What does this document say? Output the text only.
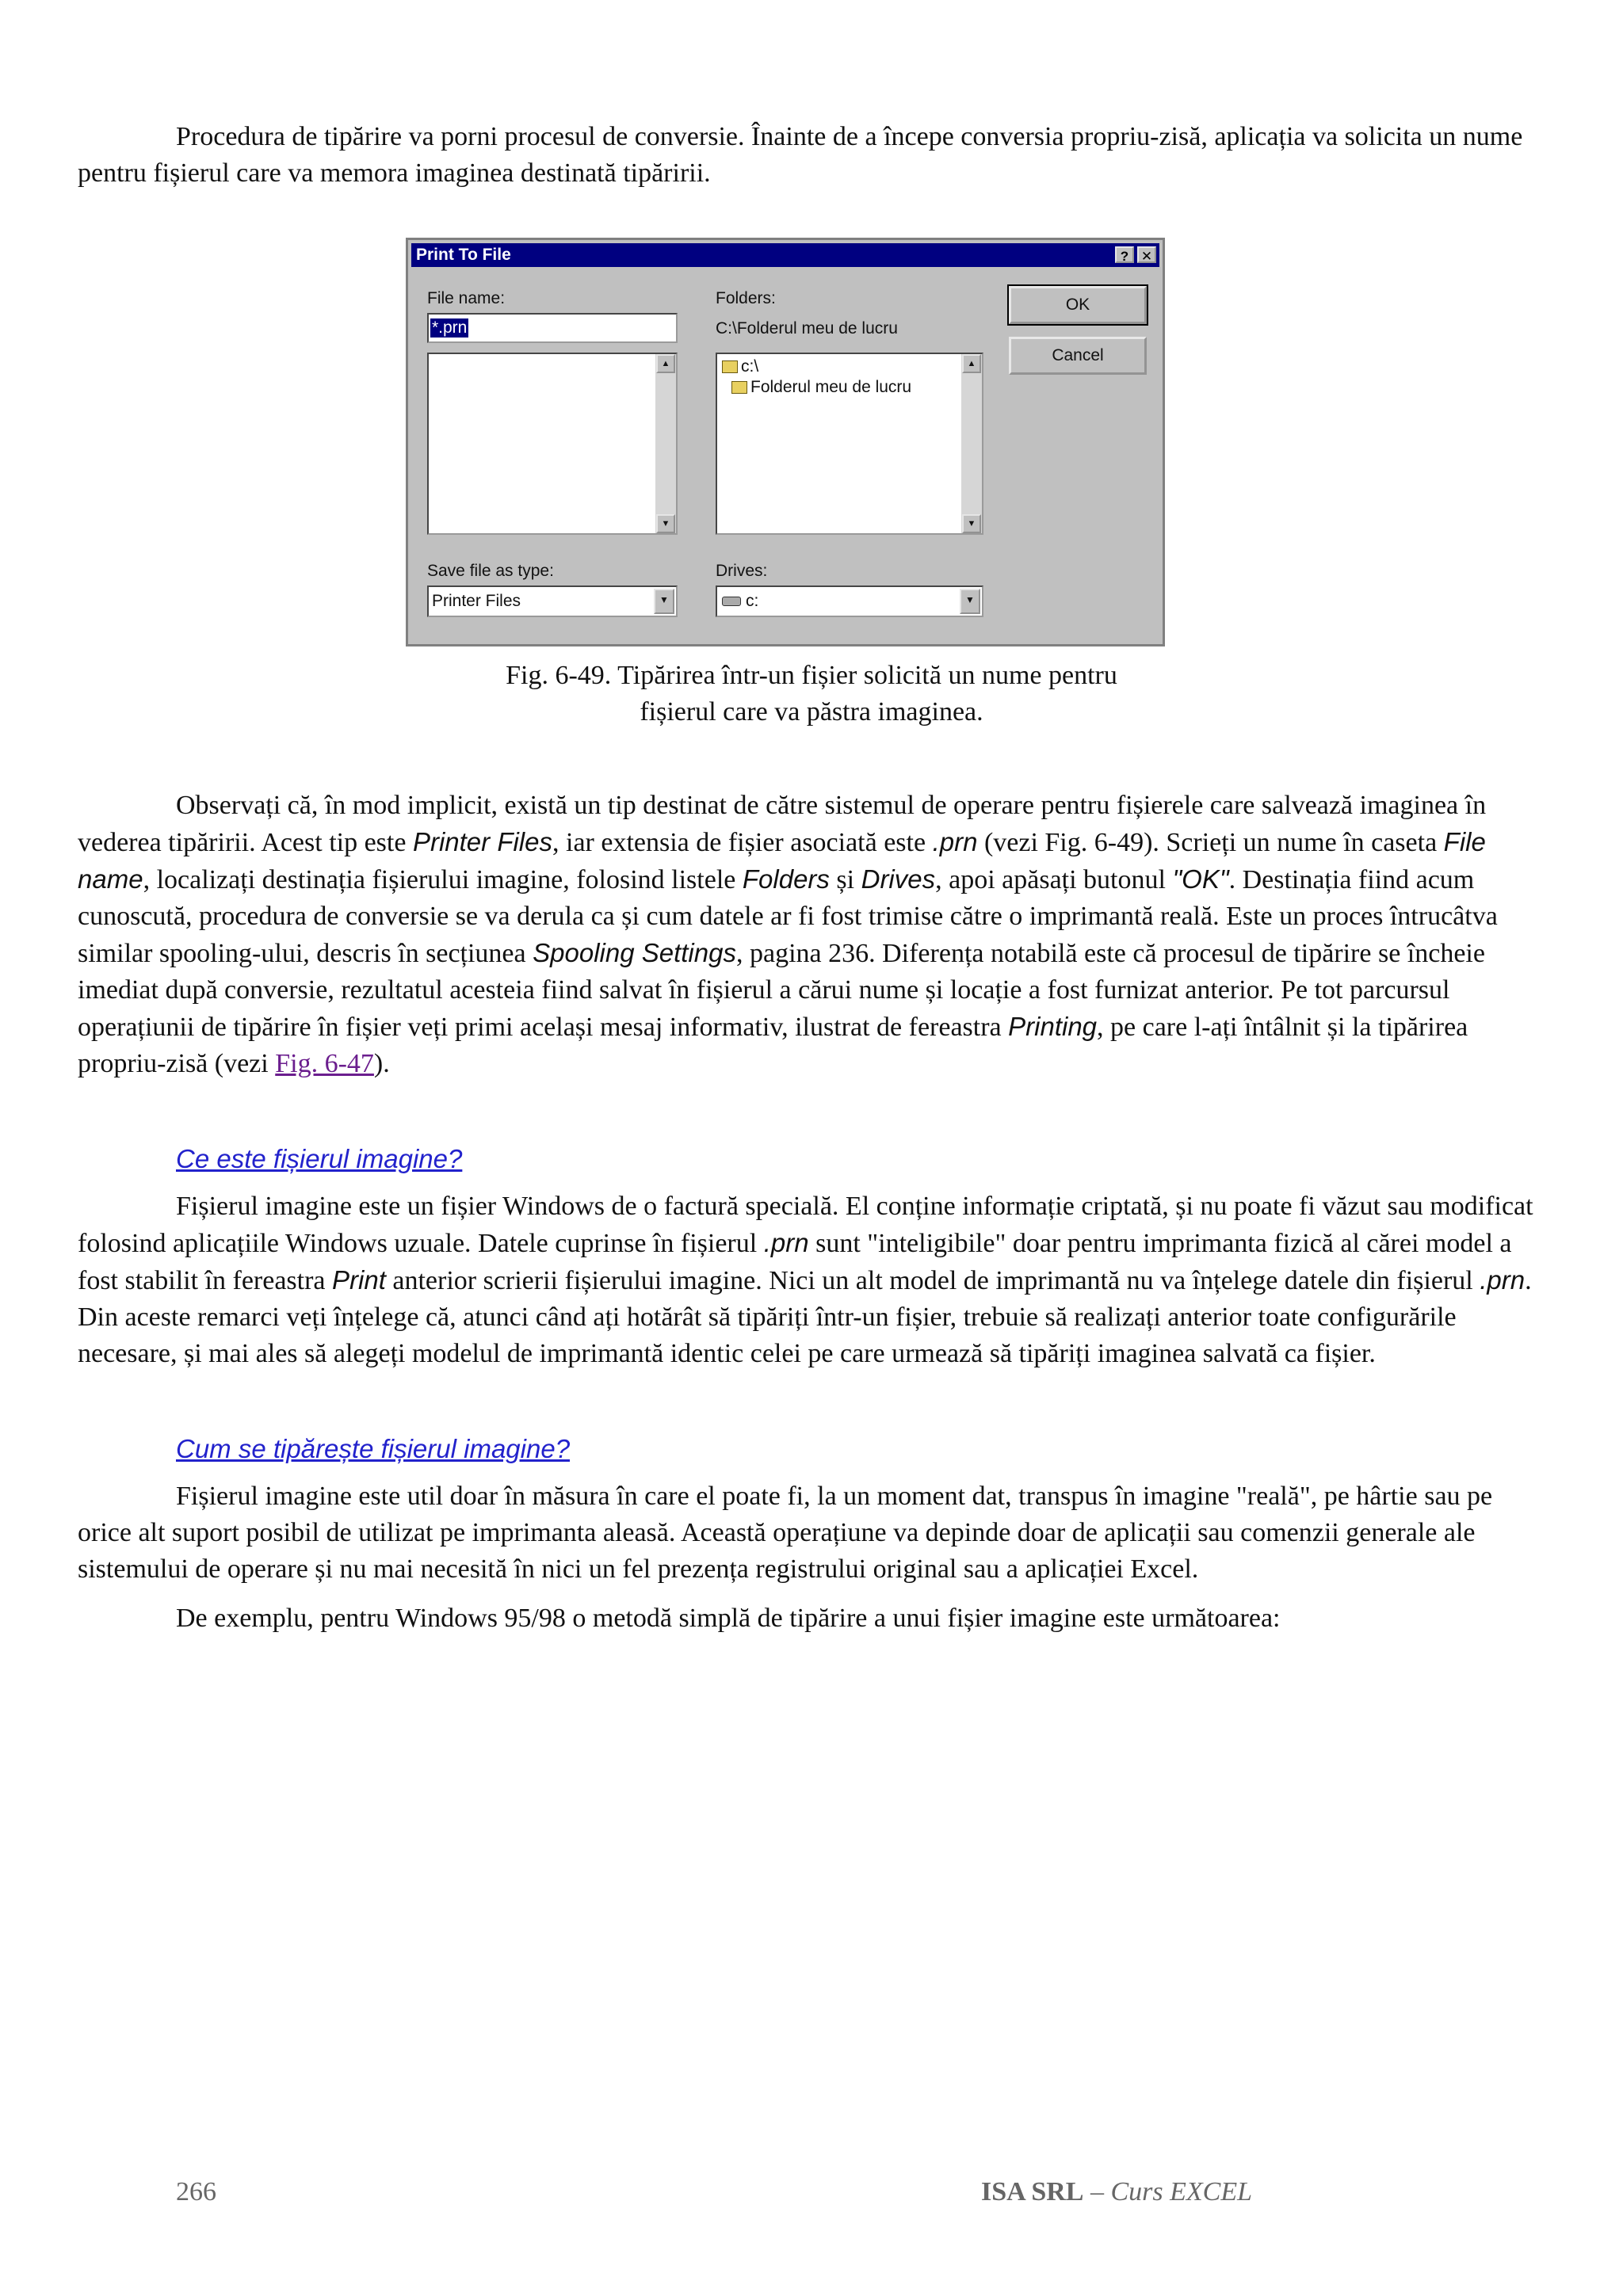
Procedura de tipărire va porni procesul de conversie. Înainte de a începe conversia propriu-zisă, aplicația va solicita un nume pentru fișierul care va memora imaginea destinată tipăririi.

Print To File	? ✕
File name:
*.prn
▲
▼
Folders:
C:\Folderul meu de lucru
c:\
Folderul meu de lucru
▲
▼
OK
Cancel
Save file as type:
Printer Files	▼
Drives:
c:	▼
Fig. 6-49. Tipărirea într-un fișier solicită un nume pentru
fișierul care va păstra imaginea.

Observați că, în mod implicit, există un tip destinat de către sistemul de operare pentru fișierele care salvează imaginea în vederea tipăririi. Acest tip este Printer Files, iar extensia de fișier asociată este .prn (vezi Fig. 6-49). Scrieți un nume în caseta File name, localizați destinația fișierului imagine, folosind listele Folders și Drives, apoi apăsați butonul "OK". Destinația fiind acum cunoscută, procedura de conversie se va derula ca și cum datele ar fi fost trimise către o imprimantă reală. Este un proces întrucâtva similar spooling-ului, descris în secțiunea Spooling Settings, pagina 236. Diferența notabilă este că procesul de tipărire se încheie imediat după conversie, rezultatul acesteia fiind salvat în fișierul a cărui nume și locație a fost furnizat anterior. Pe tot parcursul operațiunii de tipărire în fișier veți primi același mesaj informativ, ilustrat de fereastra Printing, pe care l-ați întâlnit și la tipărirea propriu-zisă (vezi Fig. 6-47).

Ce este fișierul imagine?

Fișierul imagine este un fișier Windows de o factură specială. El conține informație criptată, și nu poate fi văzut sau modificat folosind aplicațiile Windows uzuale. Datele cuprinse în fișierul .prn sunt "inteligibile" doar pentru imprimanta fizică al cărei model a fost stabilit în fereastra Print anterior scrierii fișierului imagine. Nici un alt model de imprimantă nu va înțelege datele din fișierul .prn. Din aceste remarci veți înțelege că, atunci când ați hotărât să tipăriți într-un fișier, trebuie să realizați anterior toate configurările necesare, și mai ales să alegeți modelul de imprimantă identic celei pe care urmează să tipăriți imaginea salvată ca fișier.

Cum se tipărește fișierul imagine?

Fișierul imagine este util doar în măsura în care el poate fi, la un moment dat, transpus în imagine "reală", pe hârtie sau pe orice alt suport posibil de utilizat pe imprimanta aleasă. Această operațiune va depinde doar de aplicații sau comenzii generale ale sistemului de operare și nu mai necesită în nici un fel prezența registrului original sau a aplicației Excel.

De exemplu, pentru Windows 95/98 o metodă simplă de tipărire a unui fișier imagine este următoarea:

266	ISA SRL – Curs EXCEL
